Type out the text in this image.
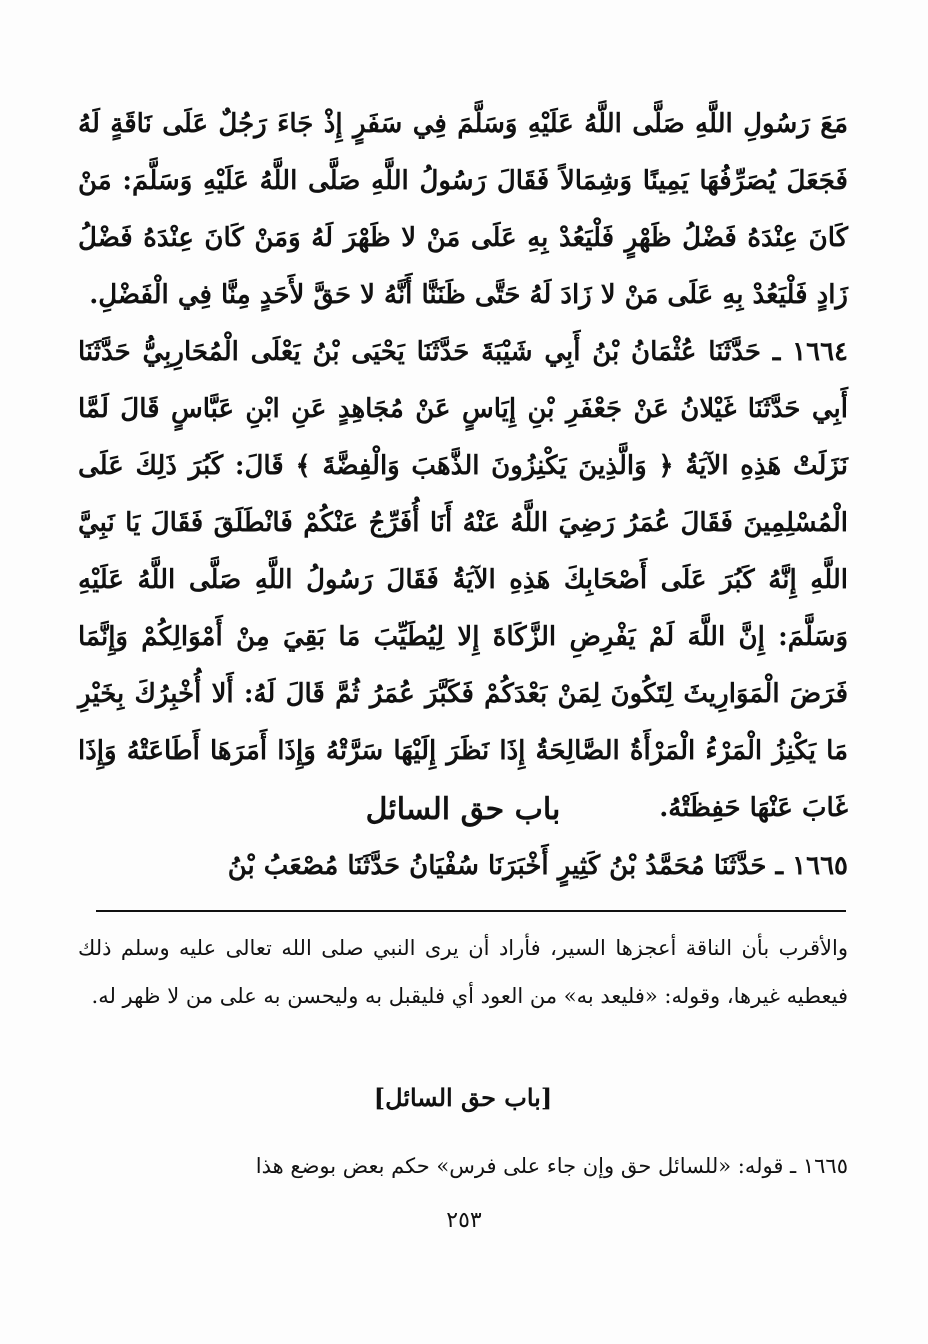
مَعَ رَسُولِ اللَّهِ صَلَّى اللَّهُ عَلَيْهِ وَسَلَّمَ فِي سَفَرٍ إِذْ جَاءَ رَجُلٌ عَلَى نَاقَةٍ لَهُ فَجَعَلَ يُصَرِّفُهَا يَمِينًا وَشِمَالاً فَقَالَ رَسُولُ اللَّهِ صَلَّى اللَّهُ عَلَيْهِ وَسَلَّمَ: مَنْ كَانَ عِنْدَهُ فَضْلُ ظَهْرٍ فَلْيَعُدْ بِهِ عَلَى مَنْ لا ظَهْرَ لَهُ وَمَنْ كَانَ عِنْدَهُ فَضْلُ زَادٍ فَلْيَعُدْ بِهِ عَلَى مَنْ لا زَادَ لَهُ حَتَّى ظَنَنَّا أَنَّهُ لا حَقَّ لأَحَدٍ مِنَّا فِي الْفَضْلِ.

١٦٦٤ ـ حَدَّثَنَا عُثْمَانُ بْنُ أَبِي شَيْبَةَ حَدَّثَنَا يَحْيَى بْنُ يَعْلَى الْمُحَارِبِيُّ حَدَّثَنَا أَبِي حَدَّثَنَا غَيْلانُ عَنْ جَعْفَرِ بْنِ إِيَاسٍ عَنْ مُجَاهِدٍ عَنِ ابْنِ عَبَّاسٍ قَالَ لَمَّا نَزَلَتْ هَذِهِ الآيَةُ ﴿ وَالَّذِينَ يَكْنِزُونَ الذَّهَبَ وَالْفِضَّةَ ﴾ قَالَ: كَبُرَ ذَلِكَ عَلَى الْمُسْلِمِينَ فَقَالَ عُمَرُ رَضِيَ اللَّهُ عَنْهُ أَنَا أُفَرِّجُ عَنْكُمْ فَانْطَلَقَ فَقَالَ يَا نَبِيَّ اللَّهِ إِنَّهُ كَبُرَ عَلَى أَصْحَابِكَ هَذِهِ الآيَةُ فَقَالَ رَسُولُ اللَّهِ صَلَّى اللَّهُ عَلَيْهِ وَسَلَّمَ: إِنَّ اللَّهَ لَمْ يَفْرِضِ الزَّكَاةَ إِلا لِيُطَيِّبَ مَا بَقِيَ مِنْ أَمْوَالِكُمْ وَإِنَّمَا فَرَضَ الْمَوَارِيثَ لِتَكُونَ لِمَنْ بَعْدَكُمْ فَكَبَّرَ عُمَرُ ثُمَّ قَالَ لَهُ: أَلا أُخْبِرُكَ بِخَيْرِ مَا يَكْنِزُ الْمَرْءُ الْمَرْأَةُ الصَّالِحَةُ إِذَا نَظَرَ إِلَيْهَا سَرَّتْهُ وَإِذَا أَمَرَهَا أَطَاعَتْهُ وَإِذَا غَابَ عَنْهَا حَفِظَتْهُ.

باب حق السائل
١٦٦٥ ـ حَدَّثَنَا مُحَمَّدُ بْنُ كَثِيرٍ أَخْبَرَنَا سُفْيَانُ حَدَّثَنَا مُصْعَبُ بْنُ

والأقرب بأن الناقة أعجزها السير، فأراد أن يرى النبي صلى الله تعالى عليه وسلم ذلك فيعطيه غيرها، وقوله: «فليعد به» من العود أي فليقبل به وليحسن به على من لا ظهر له.

[باب حق السائل]
١٦٦٥ ـ قوله: «للسائل حق وإن جاء على فرس» حكم بعض بوضع هذا
٢٥٣
